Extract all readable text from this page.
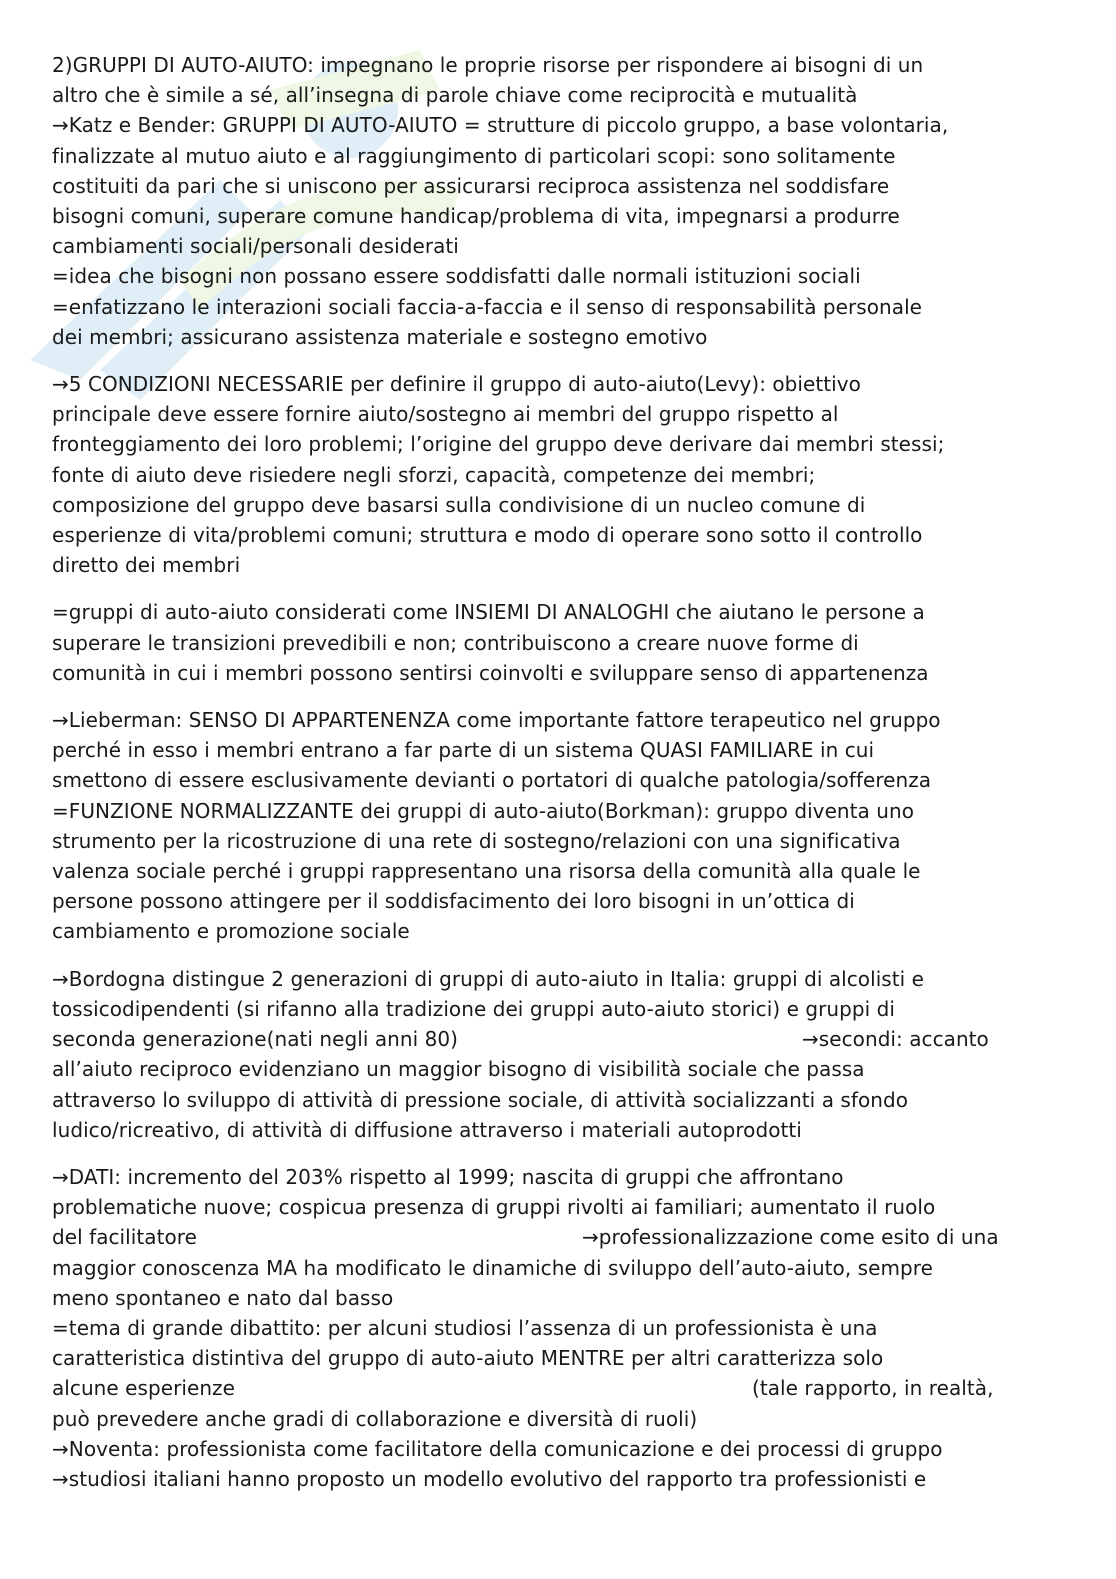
2)GRUPPI DI AUTO-AIUTO: impegnano le proprie risorse per rispondere ai bisogni di un
altro che è simile a sé, all’insegna di parole chiave come reciprocità e mutualità
→Katz e Bender: GRUPPI DI AUTO-AIUTO = strutture di piccolo gruppo, a base volontaria,
finalizzate al mutuo aiuto e al raggiungimento di particolari scopi: sono solitamente
costituiti da pari che si uniscono per assicurarsi reciproca assistenza nel soddisfare
bisogni comuni, superare comune handicap/problema di vita, impegnarsi a produrre
cambiamenti sociali/personali desiderati
=idea che bisogni non possano essere soddisfatti dalle normali istituzioni sociali
=enfatizzano le interazioni sociali faccia-a-faccia e il senso di responsabilità personale
dei membri; assicurano assistenza materiale e sostegno emotivo
→5 CONDIZIONI NECESSARIE per definire il gruppo di auto-aiuto(Levy): obiettivo
principale deve essere fornire aiuto/sostegno ai membri del gruppo rispetto al
fronteggiamento dei loro problemi; l’origine del gruppo deve derivare dai membri stessi;
fonte di aiuto deve risiedere negli sforzi, capacità, competenze dei membri;
composizione del gruppo deve basarsi sulla condivisione di un nucleo comune di
esperienze di vita/problemi comuni; struttura e modo di operare sono sotto il controllo
diretto dei membri
=gruppi di auto-aiuto considerati come INSIEMI DI ANALOGHI che aiutano le persone a
superare le transizioni prevedibili e non; contribuiscono a creare nuove forme di
comunità in cui i membri possono sentirsi coinvolti e sviluppare senso di appartenenza
→Lieberman: SENSO DI APPARTENENZA come importante fattore terapeutico nel gruppo
perché in esso i membri entrano a far parte di un sistema QUASI FAMILIARE in cui
smettono di essere esclusivamente devianti o portatori di qualche patologia/sofferenza
=FUNZIONE NORMALIZZANTE dei gruppi di auto-aiuto(Borkman): gruppo diventa uno
strumento per la ricostruzione di una rete di sostegno/relazioni con una significativa
valenza sociale perché i gruppi rappresentano una risorsa della comunità alla quale le
persone possono attingere per il soddisfacimento dei loro bisogni in un’ottica di
cambiamento e promozione sociale
→Bordogna distingue 2 generazioni di gruppi di auto-aiuto in Italia: gruppi di alcolisti e
tossicodipendenti (si rifanno alla tradizione dei gruppi auto-aiuto storici) e gruppi di
seconda generazione(nati negli anni 80)	→secondi: accanto
all’aiuto reciproco evidenziano un maggior bisogno di visibilità sociale che passa
attraverso lo sviluppo di attività di pressione sociale, di attività socializzanti a sfondo
ludico/ricreativo, di attività di diffusione attraverso i materiali autoprodotti
→DATI: incremento del 203% rispetto al 1999; nascita di gruppi che affrontano
problematiche nuove; cospicua presenza di gruppi rivolti ai familiari; aumentato il ruolo
del facilitatore	→professionalizzazione come esito di una
maggior conoscenza MA ha modificato le dinamiche di sviluppo dell’auto-aiuto, sempre
meno spontaneo e nato dal basso
=tema di grande dibattito: per alcuni studiosi l’assenza di un professionista è una
caratteristica distintiva del gruppo di auto-aiuto MENTRE per altri caratterizza solo
alcune esperienze	(tale rapporto, in realtà,
può prevedere anche gradi di collaborazione e diversità di ruoli)
→Noventa: professionista come facilitatore della comunicazione e dei processi di gruppo
→studiosi italiani hanno proposto un modello evolutivo del rapporto tra professionisti e
